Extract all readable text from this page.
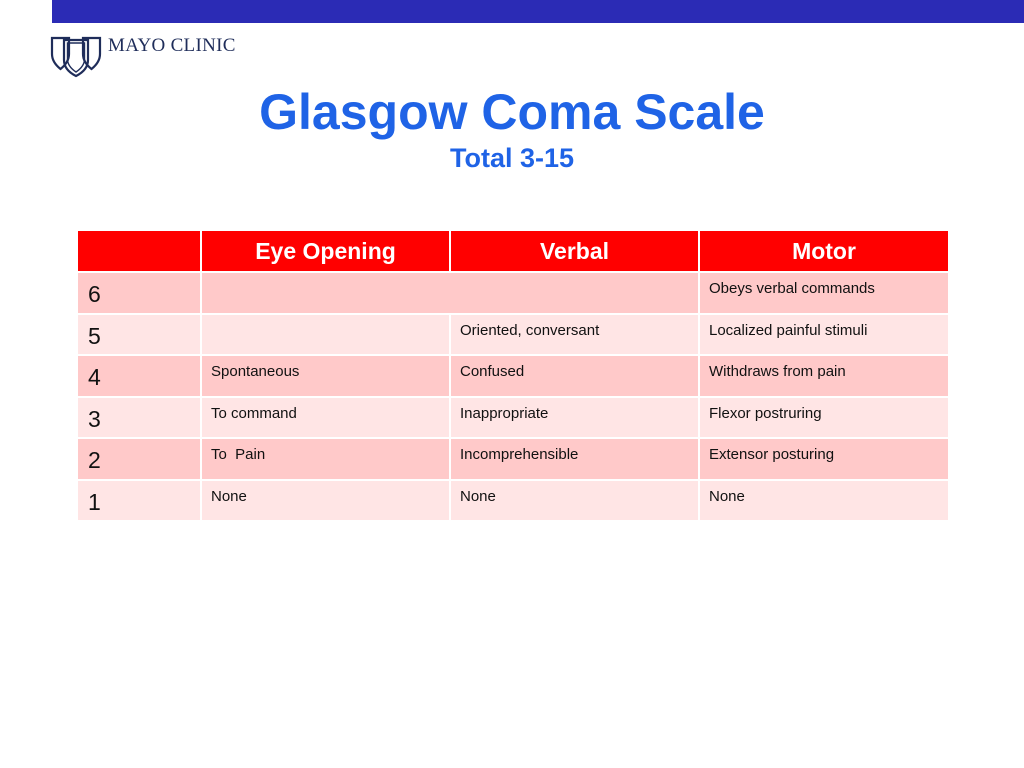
MAYO CLINIC
Glasgow Coma Scale
Total 3-15
	Eye Opening	Verbal	Motor
6			Obeys verbal commands
5		Oriented, conversant	Localized painful stimuli
4	Spontaneous	Confused	Withdraws from pain
3	To command	Inappropriate	Flexor postruring
2	To  Pain	Incomprehensible	Extensor posturing
1	None	None	None
